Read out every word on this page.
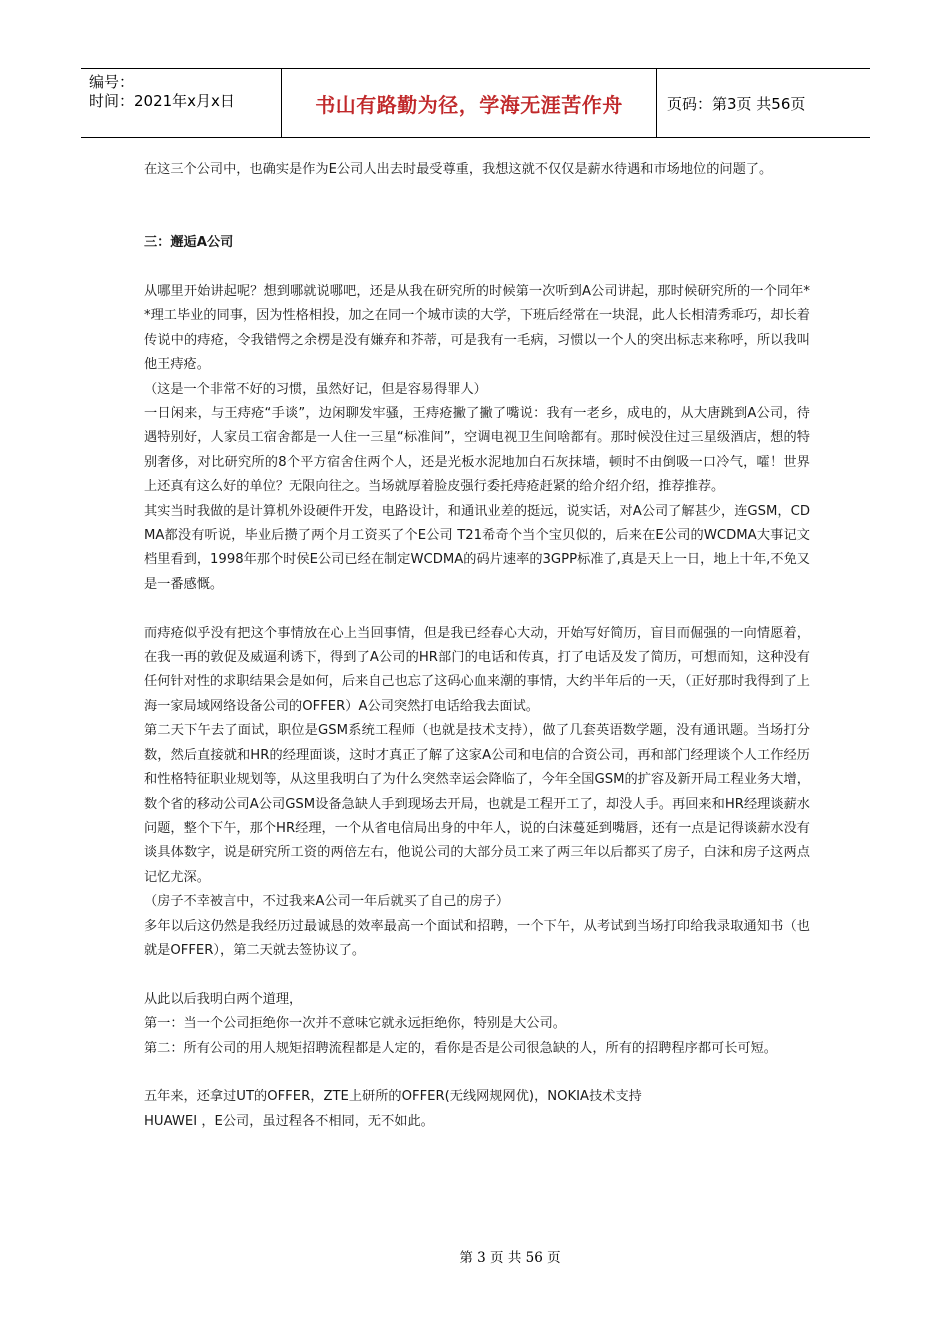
编号：
时间：2021年x月x日	书山有路勤为径，学海无涯苦作舟	页码：第3页 共56页

在这三个公司中，也确实是作为E公司人出去时最受尊重，我想这就不仅仅是薪水待遇和市场地位的问题了。

三：邂逅A公司

从哪里开始讲起呢？想到哪就说哪吧，还是从我在研究所的时候第一次听到A公司讲起，那时候研究所的一个同年**理工毕业的同事，因为性格相投，加之在同一个城市读的大学，下班后经常在一块混，此人长相清秀乖巧，却长着传说中的痔疮，令我错愕之余楞是没有嫌弃和芥蒂，可是我有一毛病，习惯以一个人的突出标志来称呼，所以我叫他王痔疮。

（这是一个非常不好的习惯，虽然好记，但是容易得罪人）

一日闲来，与王痔疮“手谈”，边闲聊发牢骚，王痔疮撇了撇了嘴说：我有一老乡，成电的，从大唐跳到A公司，待遇特别好，人家员工宿舍都是一人住一三星“标准间”，空调电视卫生间啥都有。那时候没住过三星级酒店，想的特别奢侈，对比研究所的8个平方宿舍住两个人，还是光板水泥地加白石灰抹墙，顿时不由倒吸一口冷气，嚯！世界上还真有这么好的单位？无限向往之。当场就厚着脸皮强行委托痔疮赶紧的给介绍介绍，推荐推荐。

其实当时我做的是计算机外设硬件开发，电路设计，和通讯业差的挺远，说实话，对A公司了解甚少，连GSM，CDMA都没有听说，毕业后攒了两个月工资买了个E公司 T21希奇个当个宝贝似的，后来在E公司的WCDMA大事记文档里看到，1998年那个时侯E公司已经在制定WCDMA的码片速率的3GPP标准了,真是天上一日，地上十年,不免又是一番感慨。

而痔疮似乎没有把这个事情放在心上当回事情，但是我已经春心大动，开始写好简历，盲目而倔强的一向情愿着，在我一再的敦促及威逼利诱下，得到了A公司的HR部门的电话和传真，打了电话及发了简历，可想而知，这种没有任何针对性的求职结果会是如何，后来自己也忘了这码心血来潮的事情，大约半年后的一天，（正好那时我得到了上海一家局域网络设备公司的OFFER）A公司突然打电话给我去面试。

第二天下午去了面试，职位是GSM系统工程师（也就是技术支持），做了几套英语数学题，没有通讯题。当场打分数，然后直接就和HR的经理面谈，这时才真正了解了这家A公司和电信的合资公司，再和部门经理谈个人工作经历和性格特征职业规划等，从这里我明白了为什么突然幸运会降临了，今年全国GSM的扩容及新开局工程业务大增，数个省的移动公司A公司GSM设备急缺人手到现场去开局，也就是工程开工了，却没人手。再回来和HR经理谈薪水问题，整个下午，那个HR经理，一个从省电信局出身的中年人，说的白沫蔓延到嘴唇，还有一点是记得谈薪水没有谈具体数字，说是研究所工资的两倍左右，他说公司的大部分员工来了两三年以后都买了房子，白沫和房子这两点记忆尤深。

（房子不幸被言中，不过我来A公司一年后就买了自己的房子）

多年以后这仍然是我经历过最诚恳的效率最高一个面试和招聘，一个下午，从考试到当场打印给我录取通知书（也就是OFFER），第二天就去签协议了。

从此以后我明白两个道理，

第一：当一个公司拒绝你一次并不意味它就永远拒绝你，特别是大公司。

第二：所有公司的用人规矩招聘流程都是人定的，看你是否是公司很急缺的人，所有的招聘程序都可长可短。

五年来，还拿过UT的OFFER，ZTE上研所的OFFER(无线网规网优)，NOKIA技术支持

HUAWEI ，E公司，虽过程各不相同，无不如此。

第 3 页 共 56 页
